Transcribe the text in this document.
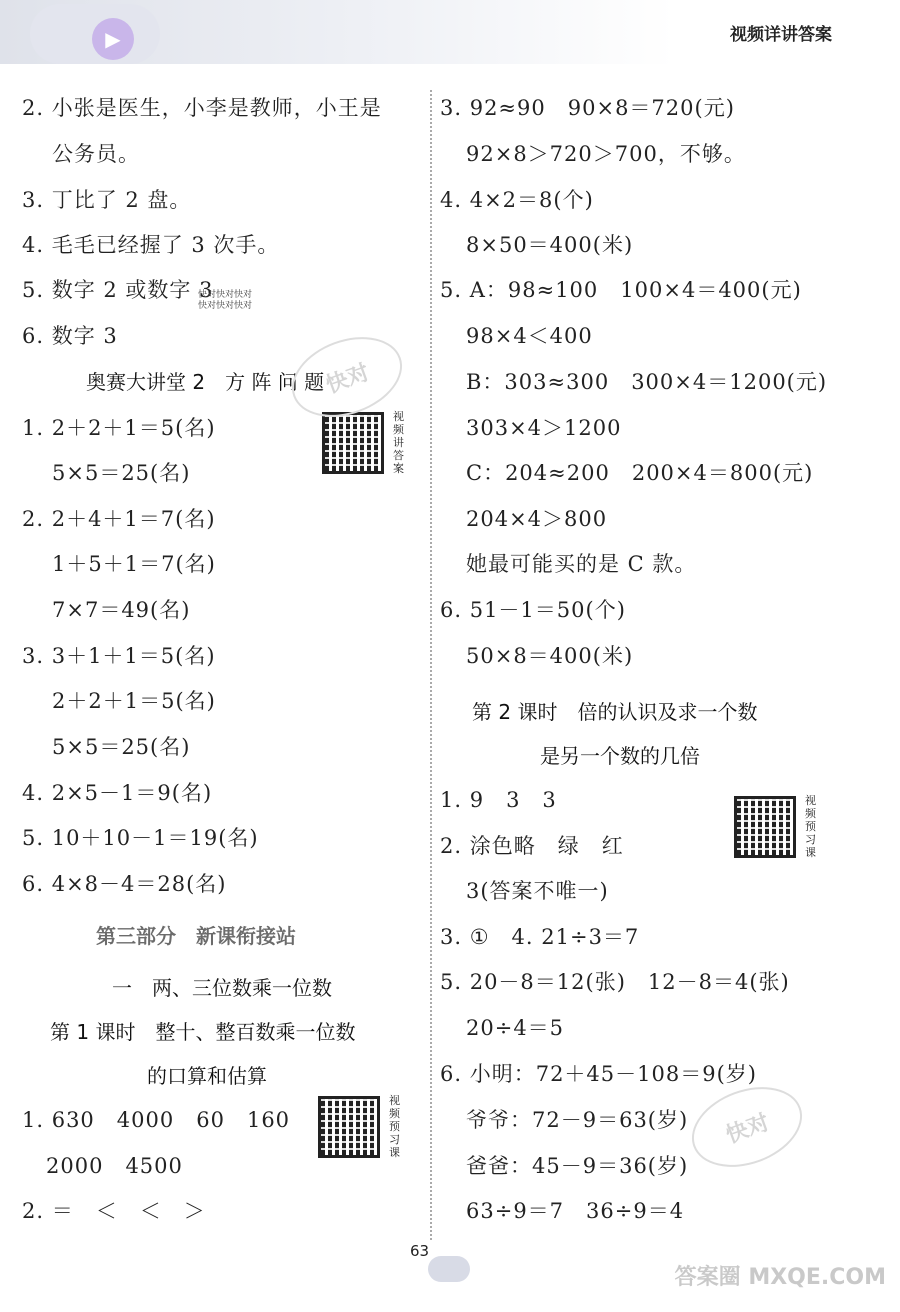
▶	视频详讲答案
2. 小张是医生，小李是教师，小王是
公务员。
3. 丁比了 2 盘。
4. 毛毛已经握了 3 次手。
5. 数字 2 或数字 3
快对快对快对
快对快对快对
6. 数字 3
奥赛大讲堂 2　方 阵 问 题
1. 2＋2＋1＝5(名)	视频讲答案
5×5＝25(名)
2. 2＋4＋1＝7(名)
1＋5＋1＝7(名)
7×7＝49(名)
3. 3＋1＋1＝5(名)
2＋2＋1＝5(名)
5×5＝25(名)
4. 2×5－1＝9(名)
5. 10＋10－1＝19(名)
6. 4×8－4＝28(名)
第三部分　新课衔接站
一　两、三位数乘一位数
第 1 课时　整十、整百数乘一位数
的口算和估算
1. 630　4000　60　160
视频预习课
2000　4500
2. ＝　＜　＜　＞
3. 92≈90　90×8＝720(元)
92×8＞720＞700，不够。
4. 4×2＝8(个)
8×50＝400(米)
5. A：98≈100　100×4＝400(元)
98×4＜400
B：303≈300　300×4＝1200(元)
303×4＞1200
C：204≈200　200×4＝800(元)
204×4＞800
她最可能买的是 C 款。
6. 51－1＝50(个)
50×8＝400(米)
第 2 课时　倍的认识及求一个数
是另一个数的几倍
1. 9　3　3	视频预习课
2. 涂色略　绿　红
3(答案不唯一)
3. ①　4. 21÷3＝7
5. 20－8＝12(张)　12－8＝4(张)
20÷4＝5
6. 小明：72＋45－108＝9(岁)
爷爷：72－9＝63(岁)
爸爸：45－9＝36(岁)
63÷9＝7　36÷9＝4
快对
快对
63
答案圈 MXQE.COM
